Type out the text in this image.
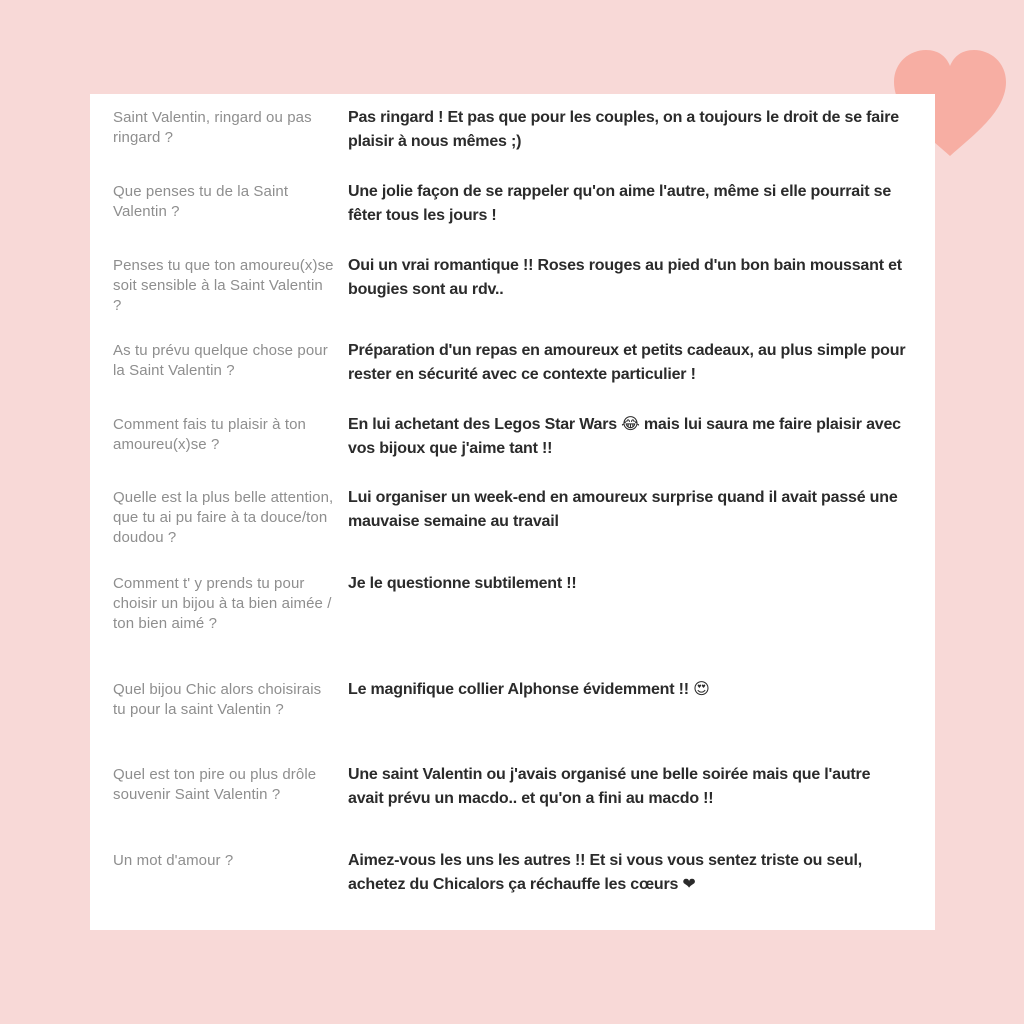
Saint Valentin, ringard ou pas ringard ?
Pas ringard ! Et pas que pour les couples, on a toujours le droit de se faire plaisir à nous mêmes ;)
Que penses tu de la Saint Valentin ?
Une jolie façon de se rappeler qu'on aime l'autre, même si elle pourrait se fêter tous les jours !
Penses tu que ton amoureu(x)se soit sensible à la Saint Valentin ?
Oui un vrai romantique !! Roses rouges au pied d'un bon bain moussant et bougies sont au rdv..
As tu prévu quelque chose pour la Saint Valentin ?
Préparation d'un repas en amoureux et petits cadeaux, au plus simple pour rester en sécurité avec ce contexte particulier !
Comment fais tu plaisir à ton amoureu(x)se ?
En lui achetant des Legos Star Wars 😂 mais lui saura me faire plaisir avec vos bijoux que j'aime tant !!
Quelle est la plus belle attention, que tu ai pu faire à ta douce/ton doudou ?
Lui organiser un week-end en amoureux surprise quand il avait passé une mauvaise semaine au travail
Comment t' y prends tu pour choisir un bijou à ta bien aimée / ton bien aimé ?
Je le questionne subtilement !!
Quel bijou Chic alors choisirais tu pour la saint Valentin ?
Le magnifique collier Alphonse évidemment !! 😍
Quel est ton pire ou plus drôle souvenir Saint Valentin ?
Une saint Valentin ou j'avais organisé une belle soirée mais que l'autre avait prévu un macdo.. et qu'on a fini au macdo !!
Un mot d'amour ?	Aimez-vous les uns les autres !! Et si vous vous sentez triste ou seul, achetez du Chicalors ça réchauffe les cœurs ❤
